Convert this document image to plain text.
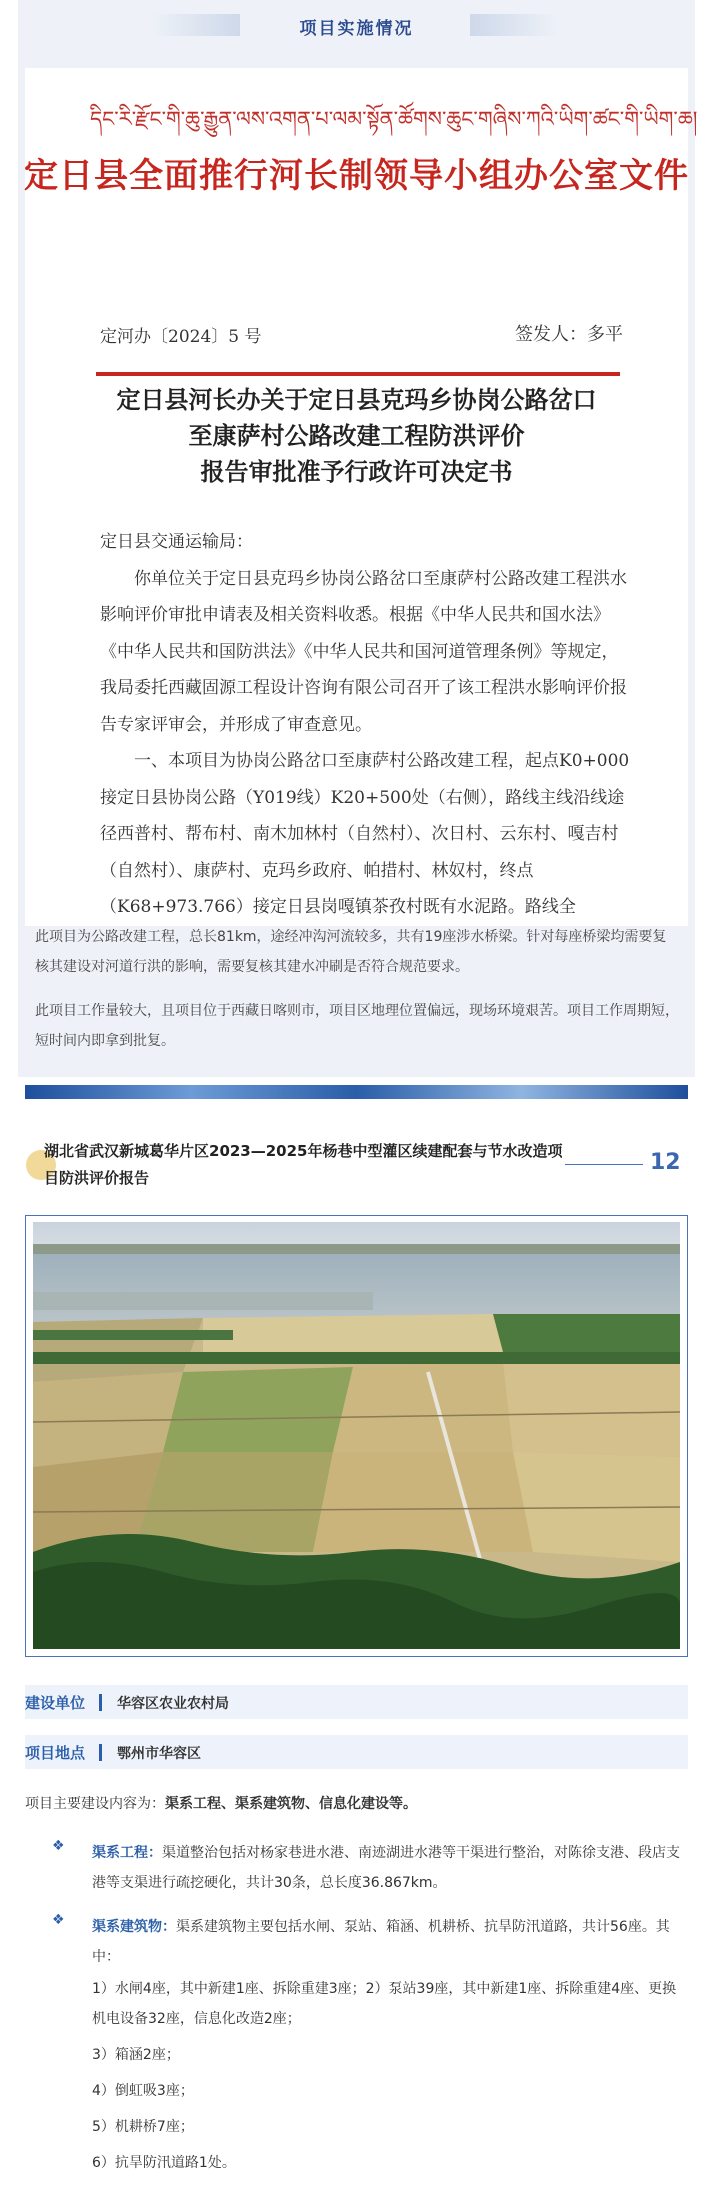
项目实施情况
དིང་རི་རྫོང་གི་ཆུ་རྒྱུན་ལས་འགན་པ་ལམ་སྟོན་ཚོགས་ཆུང་གཞིས་ཀའི་ཡིག་ཚང་གི་ཡིག་ཆ།
定日县全面推行河长制领导小组办公室文件
定河办〔2024〕5 号	签发人：多平
定日县河长办关于定日县克玛乡协岗公路岔口
至康萨村公路改建工程防洪评价
报告审批准予行政许可决定书

定日县交通运输局：

你单位关于定日县克玛乡协岗公路岔口至康萨村公路改建工程洪水影响评价审批申请表及相关资料收悉。根据《中华人民共和国水法》《中华人民共和国防洪法》《中华人民共和国河道管理条例》等规定，我局委托西藏固源工程设计咨询有限公司召开了该工程洪水影响评价报告专家评审会，并形成了审查意见。

一、本项目为协岗公路岔口至康萨村公路改建工程，起点K0+000接定日县协岗公路（Y019线）K20+500处（右侧），路线主线沿线途径西普村、帮布村、南木加林村（自然村）、次日村、云东村、嘎吉村（自然村）、康萨村、克玛乡政府、帕措村、林奴村，终点（K68+973.766）接定日县岗嘎镇茶孜村既有水泥路。路线全

此项目为公路改建工程，总长81km，途经冲沟河流较多，共有19座涉水桥梁。针对每座桥梁均需要复核其建设对河道行洪的影响，需要复核其建水冲刷是否符合规范要求。
此项目工作量较大，且项目位于西藏日喀则市，项目区地理位置偏远，现场环境艰苦。项目工作周期短，短时间内即拿到批复。
湖北省武汉新城葛华片区2023—2025年杨巷中型灌区续建配套与节水改造项目防洪评价报告
12
建设单位 华容区农业农村局
项目地点 鄂州市华容区
项目主要建设内容为：渠系工程、渠系建筑物、信息化建设等。
❖ 渠系工程：渠道整治包括对杨家巷进水港、南迹湖进水港等干渠进行整治，对陈徐支港、段店支港等支渠进行疏挖硬化，共计30条，总长度36.867km。
❖ 渠系建筑物：渠系建筑物主要包括水闸、泵站、箱涵、机耕桥、抗旱防汛道路，共计56座。其中：
1）水闸4座，其中新建1座、拆除重建3座；2）泵站39座，其中新建1座、拆除重建4座、更换机电设备32座，信息化改造2座；
3）箱涵2座；
4）倒虹吸3座；
5）机耕桥7座；
6）抗旱防汛道路1处。
